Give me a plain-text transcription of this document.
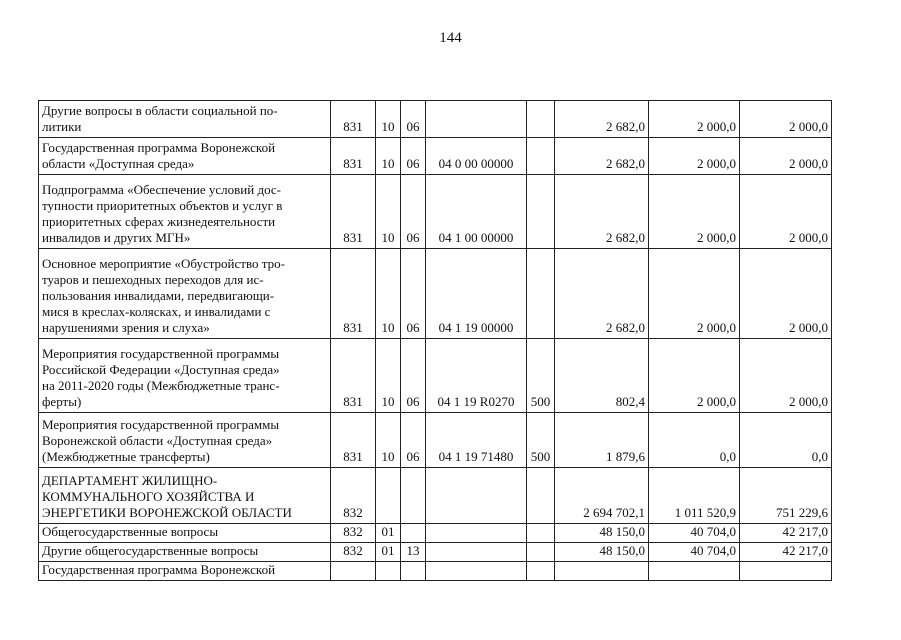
144
Другие вопросы в области социальной по-
литики	831	10	06			2 682,0	2 000,0	2 000,0
Государственная программа Воронежской
области «Доступная среда»	831	10	06	04 0 00 00000		2 682,0	2 000,0	2 000,0
Подпрограмма «Обеспечение условий дос-
тупности приоритетных объектов и услуг в
приоритетных сферах жизнедеятельности
инвалидов и других МГН»	831	10	06	04 1 00 00000		2 682,0	2 000,0	2 000,0
Основное мероприятие «Обустройство тро-
туаров и пешеходных переходов для ис-
пользования инвалидами, передвигающи-
мися в креслах-колясках, и инвалидами с
нарушениями зрения и слуха»	831	10	06	04 1 19 00000		2 682,0	2 000,0	2 000,0
Мероприятия государственной программы
Российской Федерации «Доступная среда»
на 2011-2020 годы (Межбюджетные транс-
ферты)	831	10	06	04 1 19 R0270	500	802,4	2 000,0	2 000,0
Мероприятия государственной программы
Воронежской области «Доступная среда»
(Межбюджетные трансферты)	831	10	06	04 1 19 71480	500	1 879,6	0,0	0,0
ДЕПАРТАМЕНТ ЖИЛИЩНО-
КОММУНАЛЬНОГО ХОЗЯЙСТВА И
ЭНЕРГЕТИКИ ВОРОНЕЖСКОЙ ОБЛАСТИ	832					2 694 702,1	1 011 520,9	751 229,6
Общегосударственные вопросы	832	01				48 150,0	40 704,0	42 217,0
Другие общегосударственные вопросы	832	01	13			48 150,0	40 704,0	42 217,0
Государственная программа Воронежской								
